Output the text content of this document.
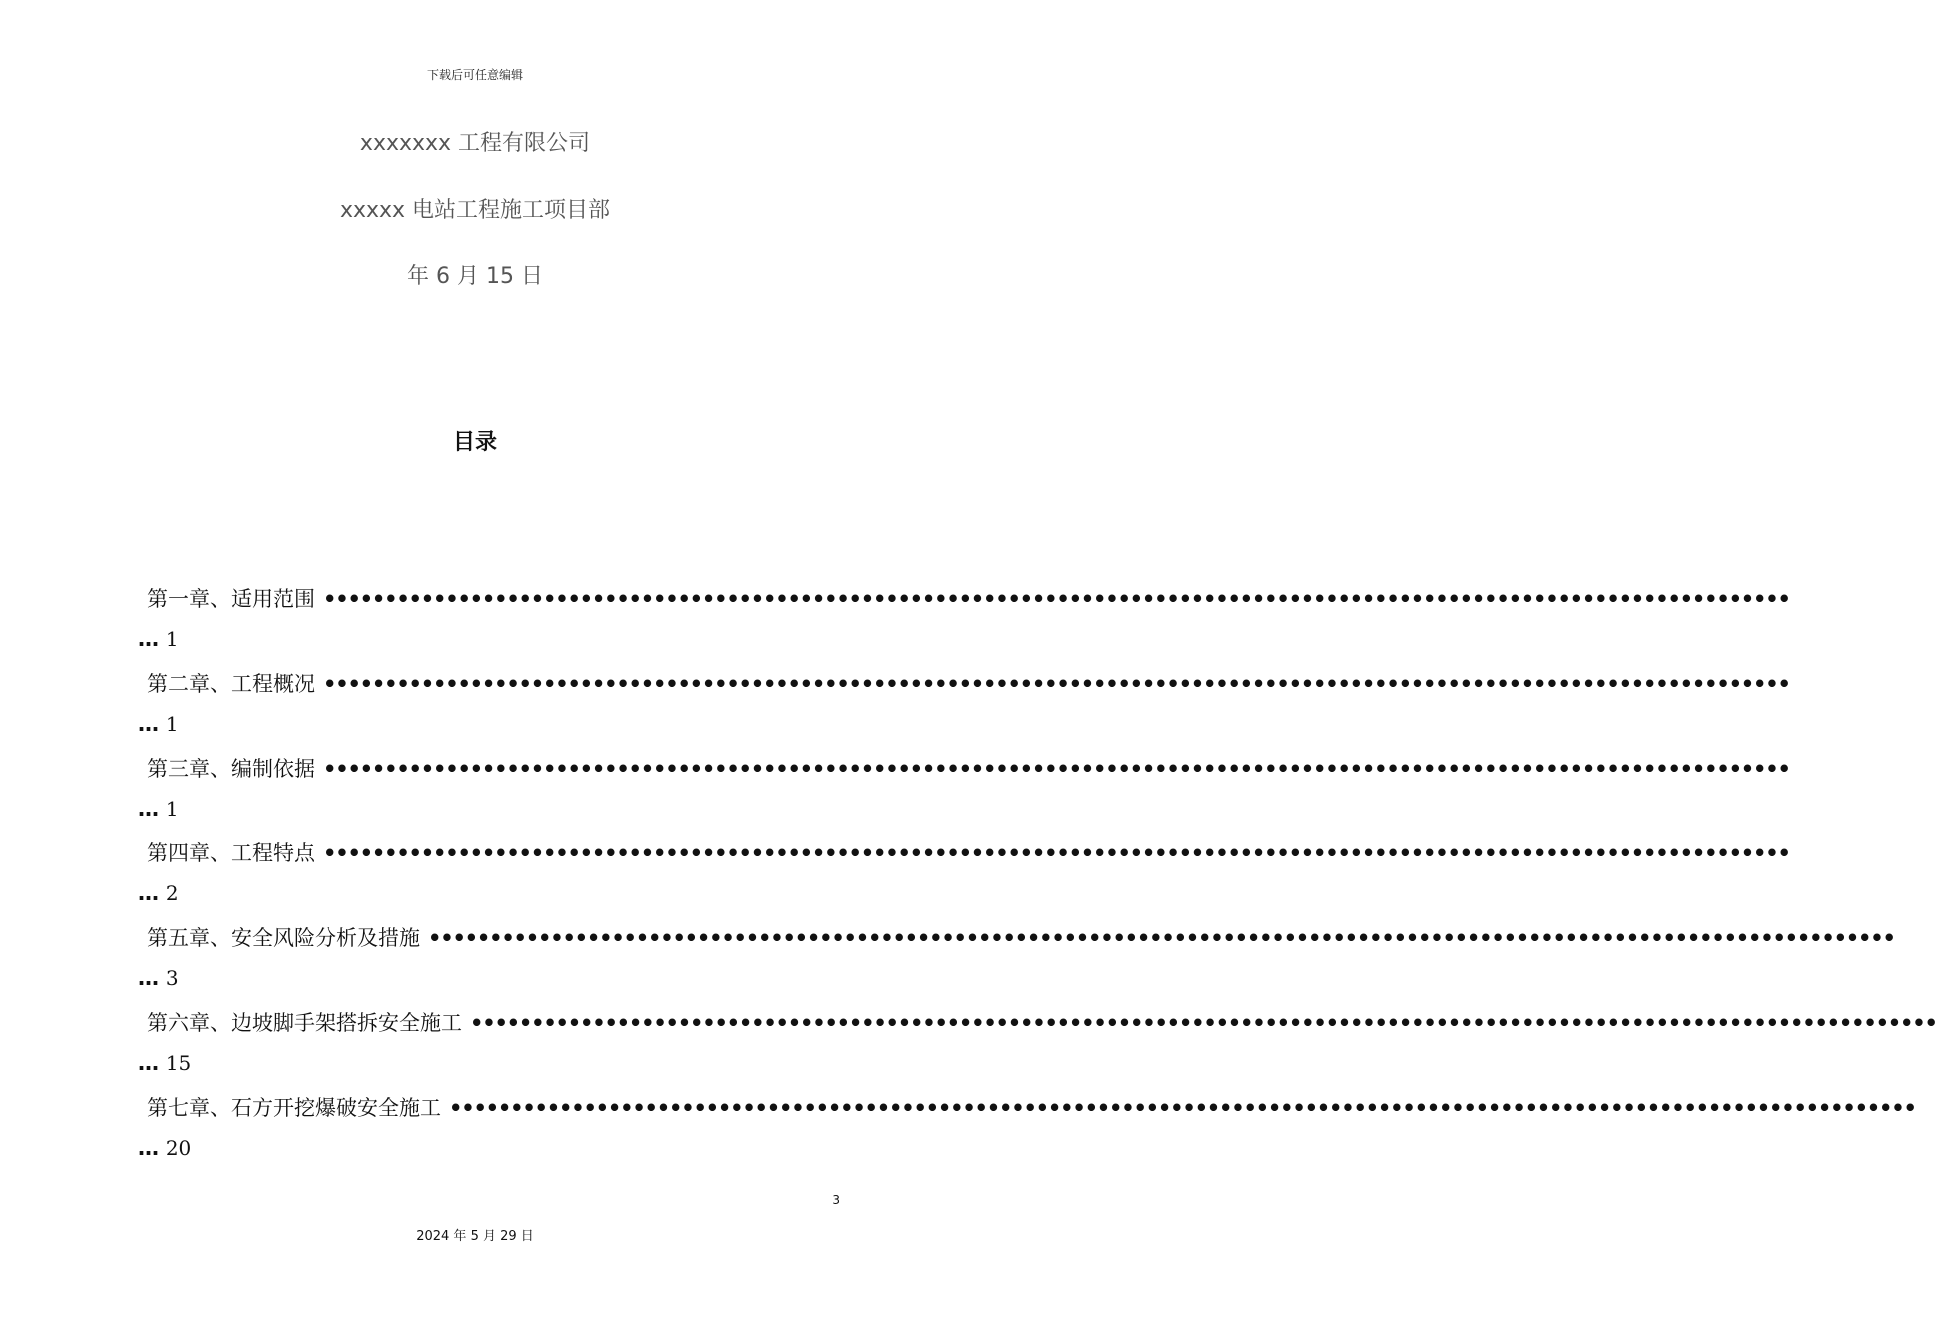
下载后可任意编辑
xxxxxxx 工程有限公司
xxxxx 电站工程施工项目部
年 6 月 15 日
目录
第一章、适用范围 ••••••••••••••••••••••••••••••••••••••••••••••••••••••••••••••••••••••••••••••••••••••••••••••••••••••••••••••••••••••••
… 1
第二章、工程概况 ••••••••••••••••••••••••••••••••••••••••••••••••••••••••••••••••••••••••••••••••••••••••••••••••••••••••••••••••••••••••
… 1
第三章、编制依据 ••••••••••••••••••••••••••••••••••••••••••••••••••••••••••••••••••••••••••••••••••••••••••••••••••••••••••••••••••••••••
… 1
第四章、工程特点 ••••••••••••••••••••••••••••••••••••••••••••••••••••••••••••••••••••••••••••••••••••••••••••••••••••••••••••••••••••••••
… 2
第五章、安全风险分析及措施 ••••••••••••••••••••••••••••••••••••••••••••••••••••••••••••••••••••••••••••••••••••••••••••••••••••••••••••••••••••••••
… 3
第六章、边坡脚手架搭拆安全施工 ••••••••••••••••••••••••••••••••••••••••••••••••••••••••••••••••••••••••••••••••••••••••••••••••••••••••••••••••••••••••
… 15
第七章、石方开挖爆破安全施工 ••••••••••••••••••••••••••••••••••••••••••••••••••••••••••••••••••••••••••••••••••••••••••••••••••••••••••••••••••••••••
… 20
3
2024 年 5 月 29 日
